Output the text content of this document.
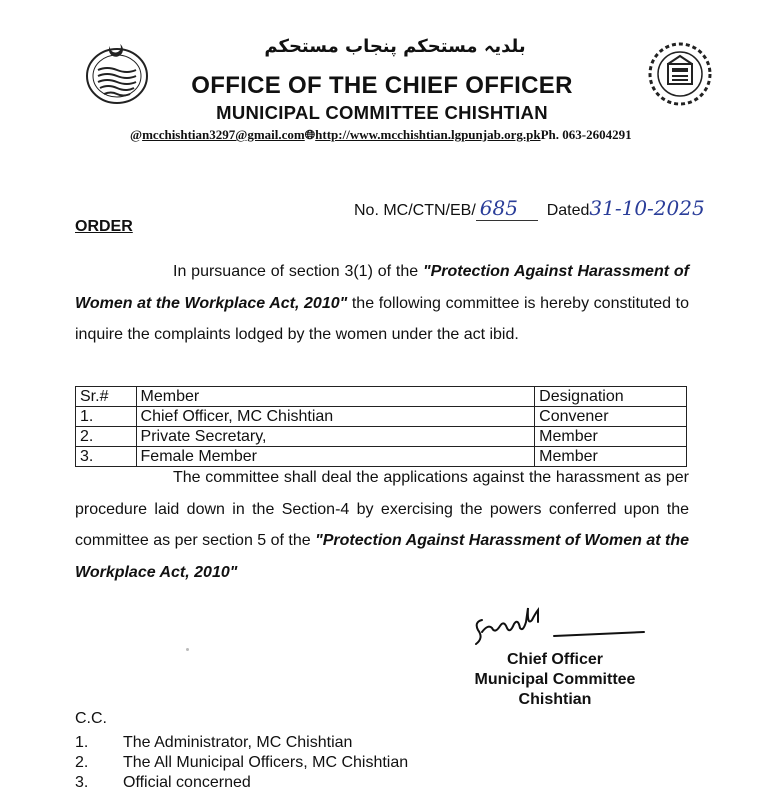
بلدیہ مستحکم پنجاب مستحکم
OFFICE OF THE CHIEF OFFICER
MUNICIPAL COMMITTEE CHISHTIAN
@mcchishtian3297@gmail.com🌐︎http://www.mcchishtian.lgpunjab.org.pkPh. 063-2604291
No. MC/CTN/EB/ 685 Dated31-10-2025
ORDER
In pursuance of section 3(1) of the "Protection Against Harassment of Women at the Workplace Act, 2010" the following committee is hereby constituted to inquire the complaints lodged by the women under the act ibid.
Sr.#	Member	Designation
1.	Chief Officer, MC Chishtian	Convener
2.	Private Secretary,	Member
3.	Female Member	Member
The committee shall deal the applications against the harassment as per procedure laid down in the Section-4 by exercising the powers conferred upon the committee as per section 5 of the "Protection Against Harassment of Women at the Workplace Act, 2010"
Chief Officer
Municipal Committee
Chishtian
C.C.
1. The Administrator, MC Chishtian
2. The All Municipal Officers, MC Chishtian
3. Official concerned
